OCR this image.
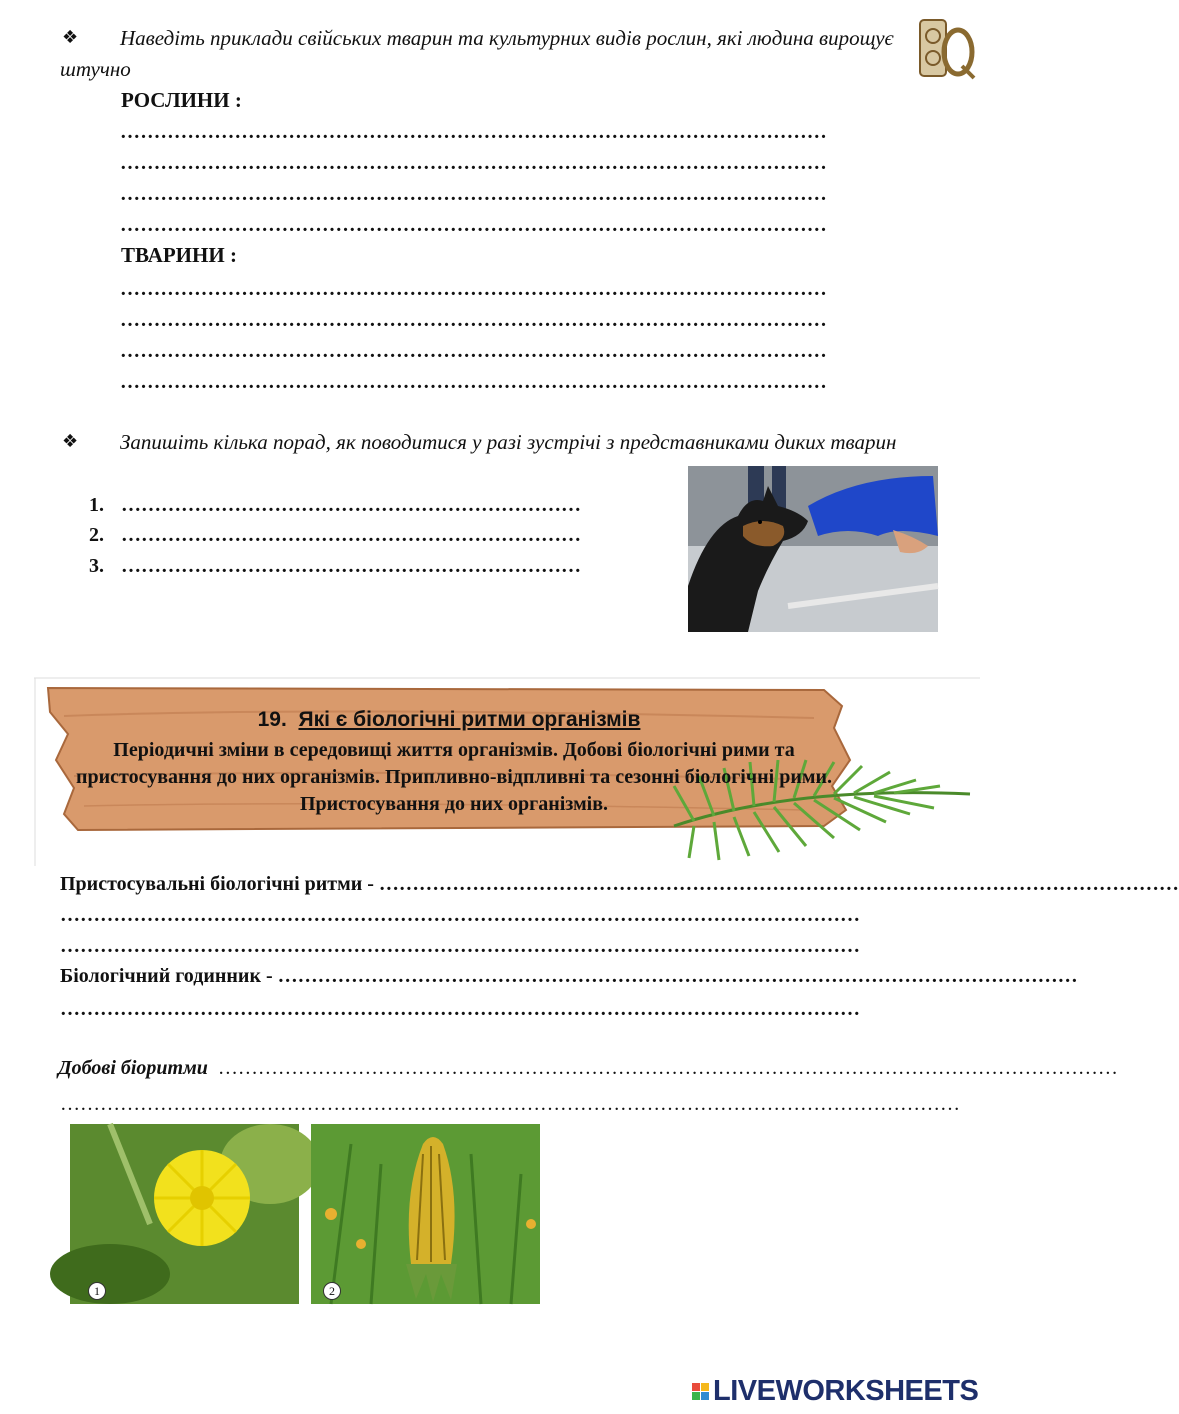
❖	Наведіть приклади свійських тварин та культурних видів рослин, які людина вирощує штучно
РОСЛИНИ :
……………………………………………………………………………………………
……………………………………………………………………………………………
……………………………………………………………………………………………
……………………………………………………………………………………………
ТВАРИНИ :
……………………………………………………………………………………………
……………………………………………………………………………………………
……………………………………………………………………………………………
……………………………………………………………………………………………
❖	Запишіть кілька порад, як поводитися у разі зустрічі з представниками диких тварин
1. ……………………………………………………………
2. ……………………………………………………………
3. ……………………………………………………………
19. Які є біологічні ритми організмів
Періодичні зміни в середовищі життя організмів. Добові біологічні рими та пристосування до них організмів. Припливно-відпливні та сезонні біологічні рими. Пристосування до них організмів.
Пристосувальні біологічні ритми - …………………………………………………………………………………………………………
…………………………………………………………………………………………………………
…………………………………………………………………………………………………………
Біологічний годинник - …………………………………………………………………………………………………………
…………………………………………………………………………………………………………
Добові біоритми ………………………………………………………………………………………………………………………
………………………………………………………………………………………………………………………
1	2
LIVEWORKSHEETS
